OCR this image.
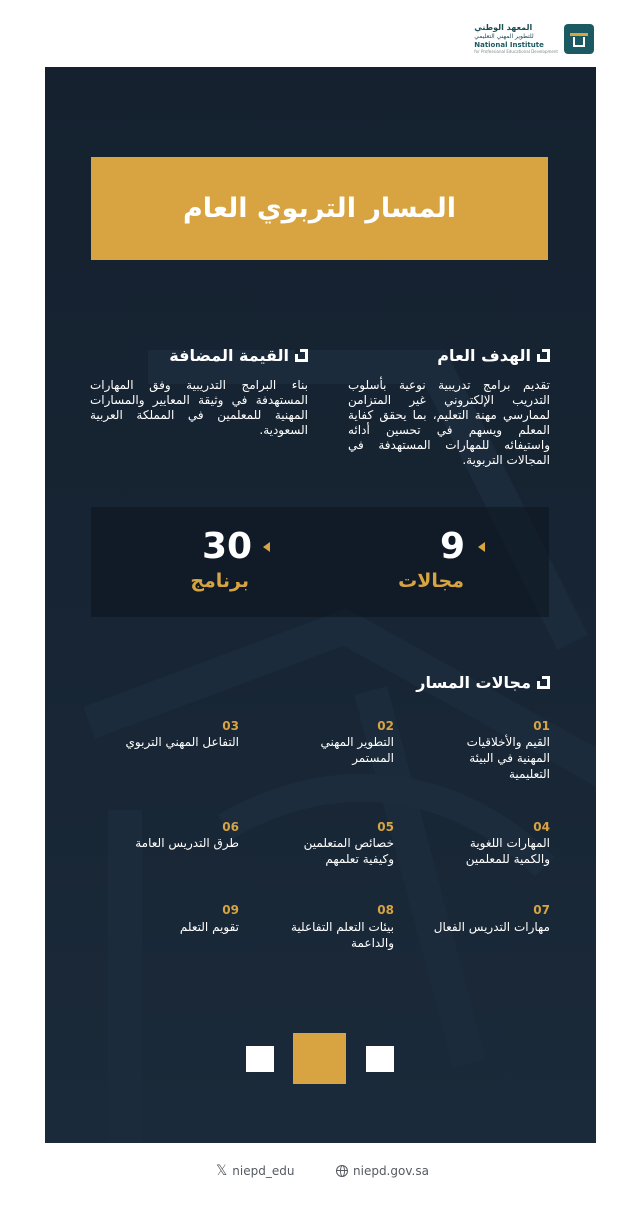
المعهد الوطني
للتطوير المهني التعليمي
National Institute
for Professional Educational Development
المسار التربوي العام
الهدف العام
تقديم برامج تدريبية نوعية بأسلوب التدريب الإلكتروني غير المتزامن لممارسي مهنة التعليم، بما يحقق كفاية المعلم ويسهم في تحسين أدائه واستيفائه للمهارات المستهدفة في المجالات التربوية.
القيمة المضافة
بناء البرامج التدريبية وفق المهارات المستهدفة في وثيقة المعايير والمسارات المهنية للمعلمين في المملكة العربية السعودية.
9
مجالات
30
برنامج
مجالات المسار
01
القيم والأخلاقيات المهنية في البيئة التعليمية
02
التطوير المهني المستمر
03
التفاعل المهني التربوي
04
المهارات اللغوية والكمية للمعلمين
05
خصائص المتعلمين وكيفية تعلمهم
06
طرق التدريس العامة
07
مهارات التدريس الفعال
08
بيئات التعلم التفاعلية والداعمة
09
تقويم التعلم
𝕏 niepd_edu	niepd.gov.sa
